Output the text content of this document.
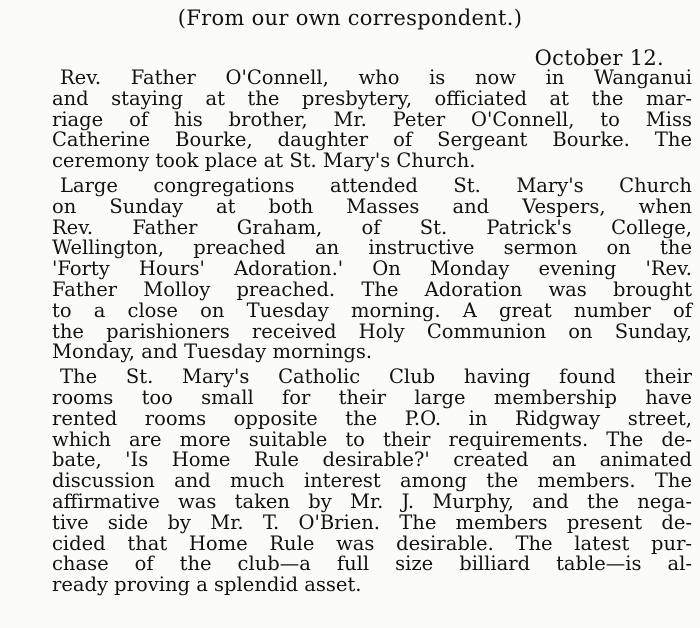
(From our own correspondent.)
October 12.
Rev. Father O'Connell, who is now in Wanganui
and staying at the presbytery, officiated at the mar-
riage of his brother, Mr. Peter O'Connell, to Miss
Catherine Bourke, daughter of Sergeant Bourke. The
ceremony took place at St. Mary's Church.
Large congregations attended St. Mary's Church
on Sunday at both Masses and Vespers, when
Rev. Father Graham, of St. Patrick's College,
Wellington, preached an instructive sermon on the
'Forty Hours' Adoration.' On Monday evening 'Rev.
Father Molloy preached. The Adoration was brought
to a close on Tuesday morning. A great number of
the parishioners received Holy Communion on Sunday,
Monday, and Tuesday mornings.
The St. Mary's Catholic Club having found their
rooms too small for their large membership have
rented rooms opposite the P.O. in Ridgway street,
which are more suitable to their requirements. The de-
bate, 'Is Home Rule desirable?' created an animated
discussion and much interest among the members. The
affirmative was taken by Mr. J. Murphy, and the nega-
tive side by Mr. T. O'Brien. The members present de-
cided that Home Rule was desirable. The latest pur-
chase of the club—a full size billiard table—is al-
ready proving a splendid asset.
